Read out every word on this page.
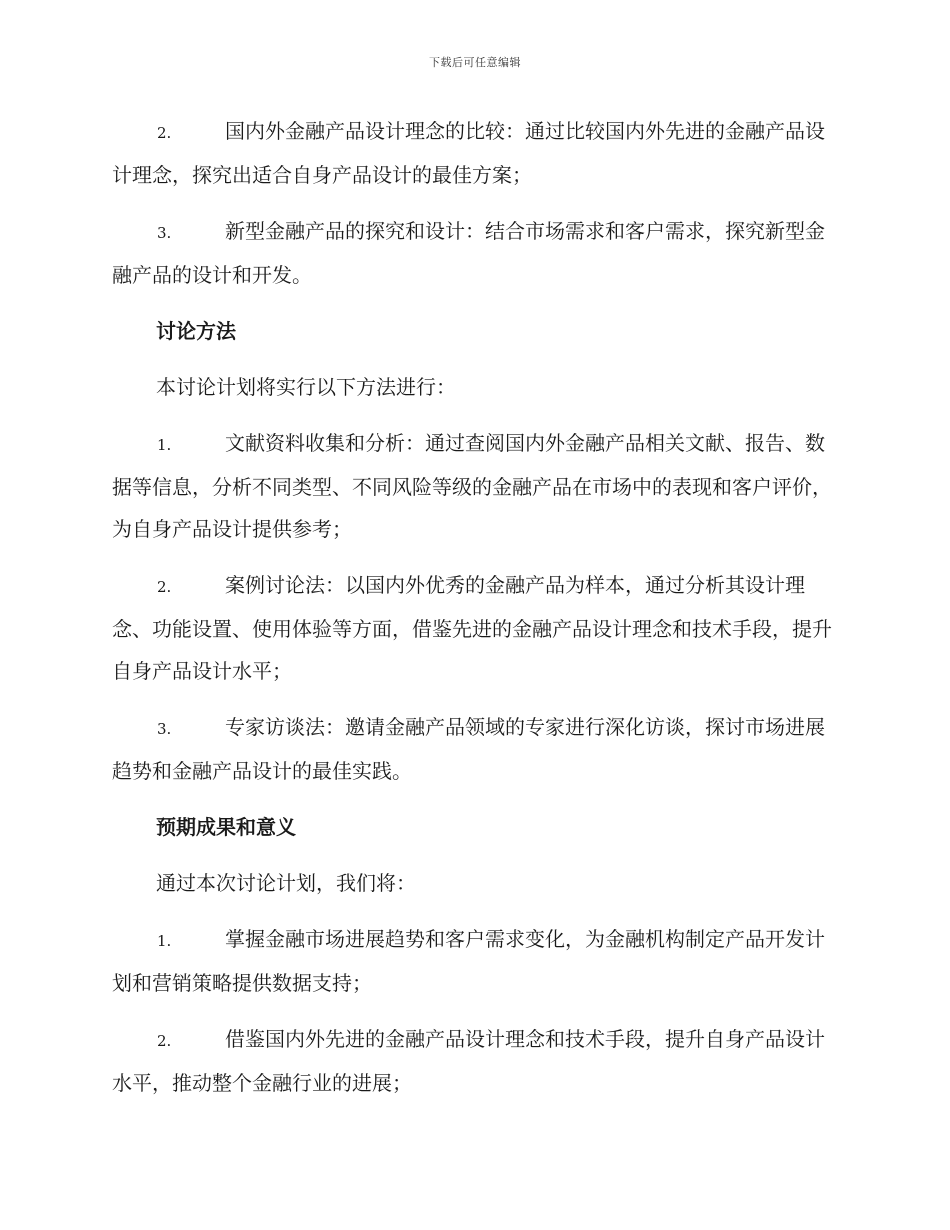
下载后可任意编辑

2.	国内外金融产品设计理念的比较：通过比较国内外先进的金融产品设计理念，探究出适合自身产品设计的最佳方案；

3.	新型金融产品的探究和设计：结合市场需求和客户需求，探究新型金融产品的设计和开发。

讨论方法

本讨论计划将实行以下方法进行：

1.	文献资料收集和分析：通过查阅国内外金融产品相关文献、报告、数据等信息，分析不同类型、不同风险等级的金融产品在市场中的表现和客户评价，为自身产品设计提供参考；

2.	案例讨论法：以国内外优秀的金融产品为样本，通过分析其设计理念、功能设置、使用体验等方面，借鉴先进的金融产品设计理念和技术手段，提升自身产品设计水平；

3.	专家访谈法：邀请金融产品领域的专家进行深化访谈，探讨市场进展趋势和金融产品设计的最佳实践。

预期成果和意义

通过本次讨论计划，我们将：

1.	掌握金融市场进展趋势和客户需求变化，为金融机构制定产品开发计划和营销策略提供数据支持；

2.	借鉴国内外先进的金融产品设计理念和技术手段，提升自身产品设计水平，推动整个金融行业的进展；
